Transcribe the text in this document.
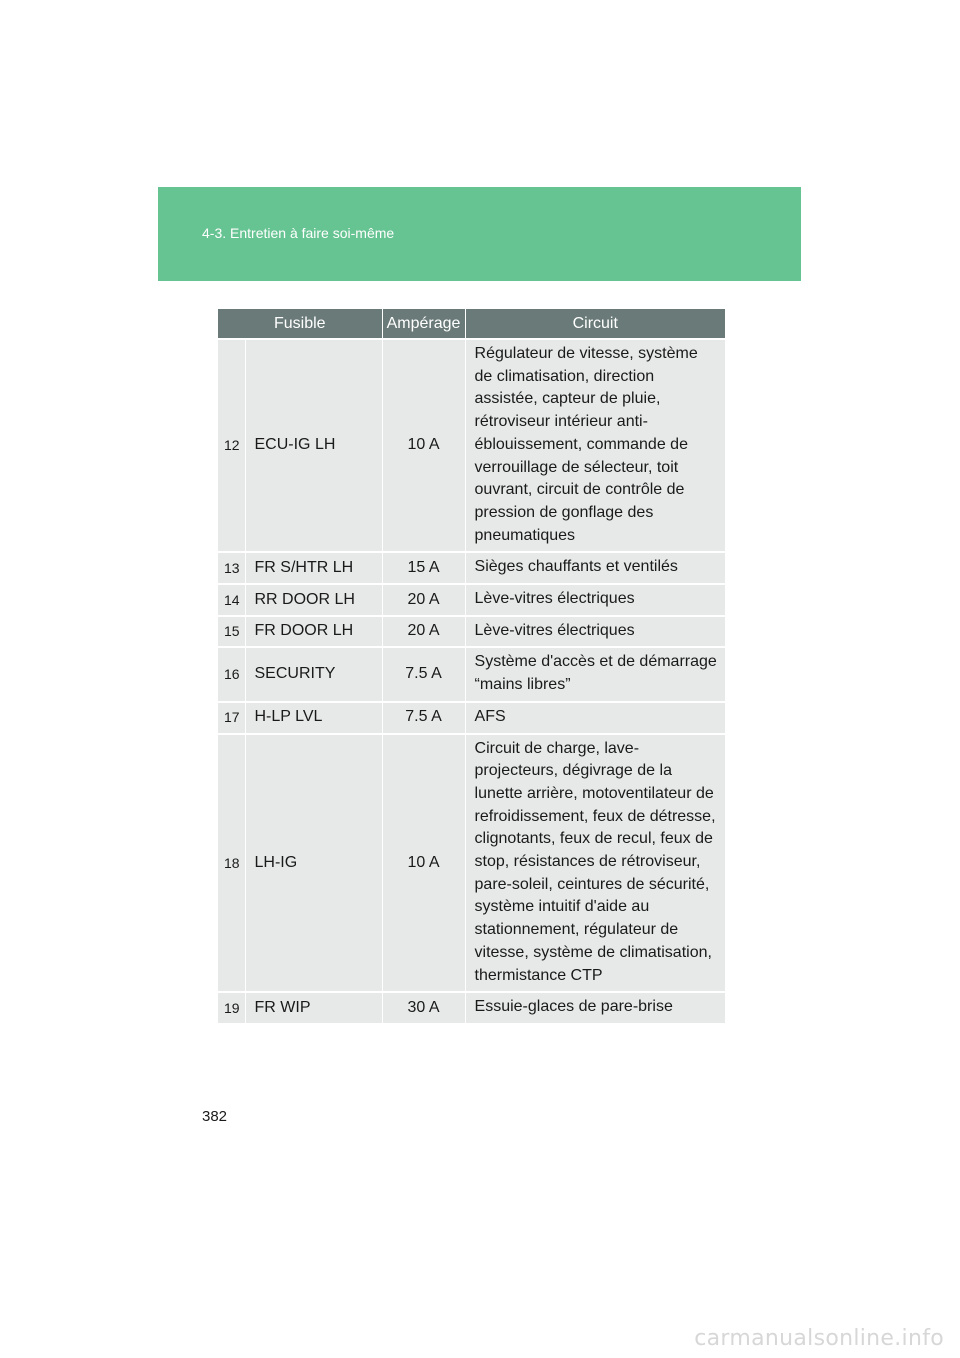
4-3. Entretien à faire soi-même
Fusible		Ampérage	Circuit
12	ECU-IG LH	10 A	Régulateur de vitesse, système de climatisation, direction assistée, capteur de pluie, rétroviseur intérieur anti-éblouissement, commande de verrouillage de sélecteur, toit ouvrant, circuit de contrôle de pression de gonflage des pneumatiques
13	FR S/HTR LH	15 A	Sièges chauffants et ventilés
14	RR DOOR LH	20 A	Lève-vitres électriques
15	FR DOOR LH	20 A	Lève-vitres électriques
16	SECURITY	7.5 A	Système d'accès et de démarrage “mains libres”
17	H-LP LVL	7.5 A	AFS
18	LH-IG	10 A	Circuit de charge, lave-projecteurs, dégivrage de la lunette arrière, motoventilateur de refroidissement, feux de détresse, clignotants, feux de recul, feux de stop, résistances de rétroviseur, pare-soleil, ceintures de sécurité, système intuitif d'aide au stationnement, régulateur de vitesse, système de climatisation, thermistance CTP
19	FR WIP	30 A	Essuie-glaces de pare-brise
382
carmanualsonline.info
